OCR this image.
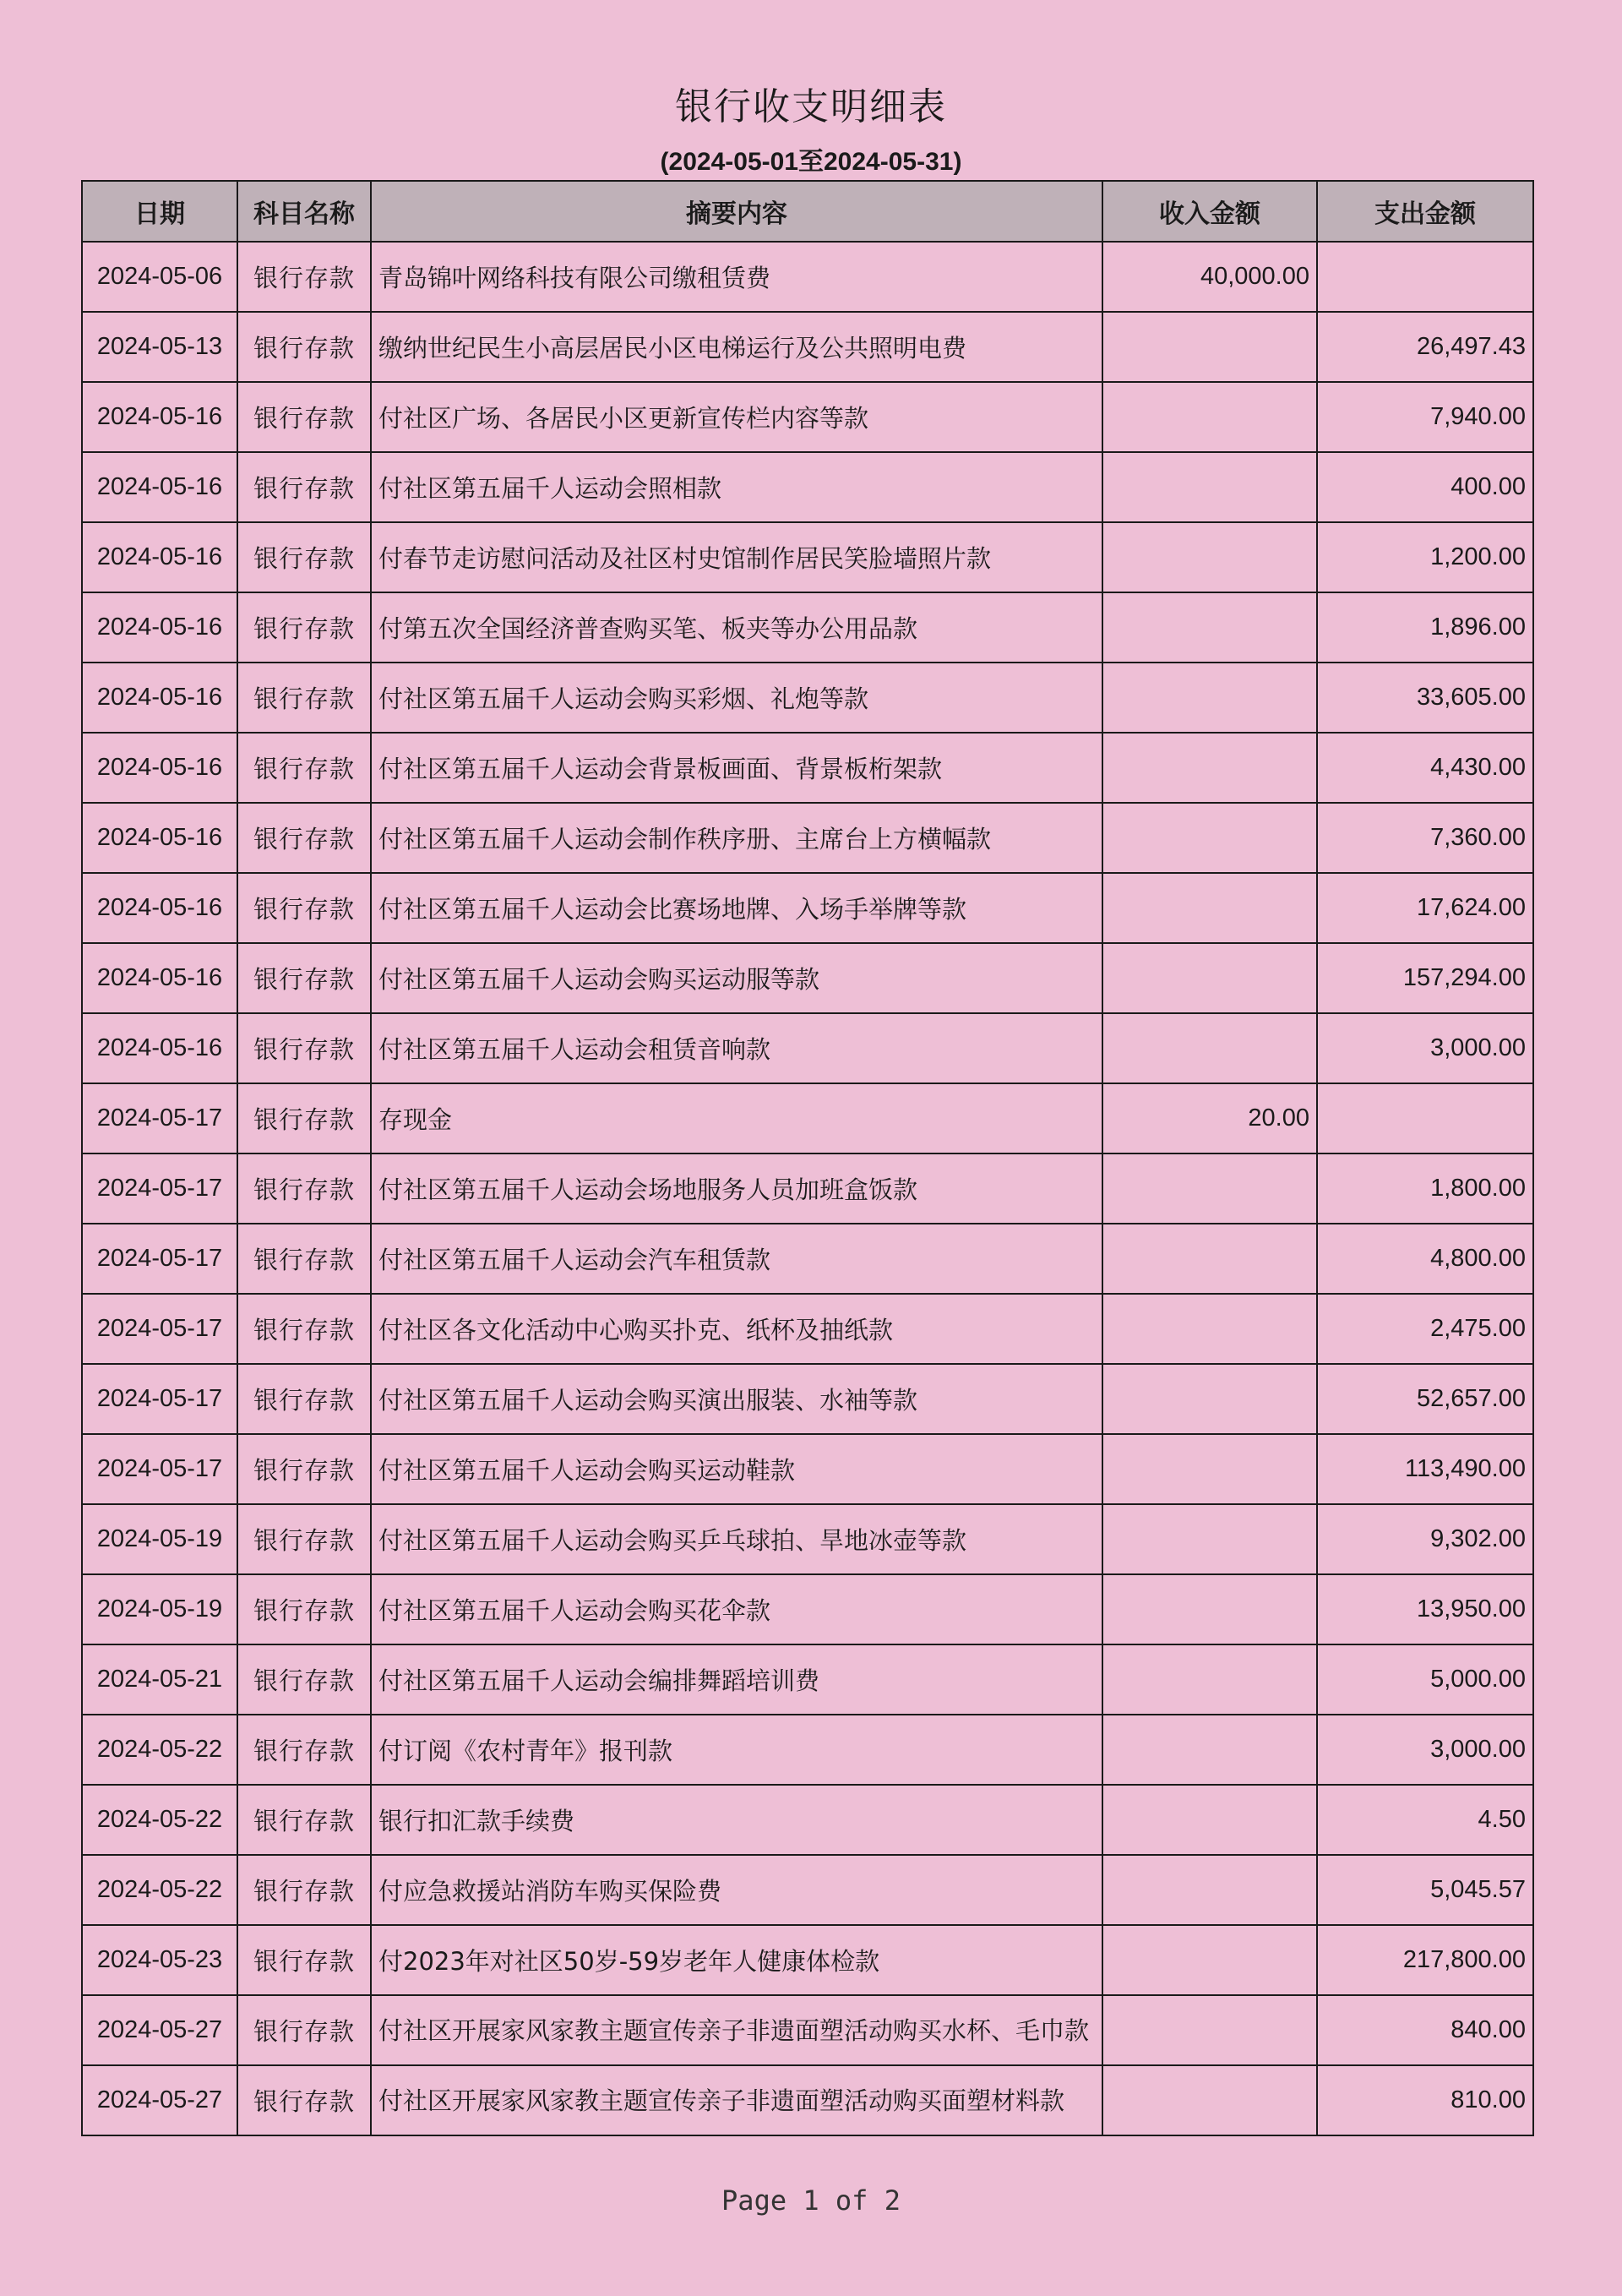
银行收支明细表
(2024-05-01至2024-05-31)
日期	科目名称	摘要内容	收入金额	支出金额
2024-05-06	银行存款	青岛锦叶网络科技有限公司缴租赁费	40,000.00	
2024-05-13	银行存款	缴纳世纪民生小高层居民小区电梯运行及公共照明电费		26,497.43
2024-05-16	银行存款	付社区广场、各居民小区更新宣传栏内容等款		7,940.00
2024-05-16	银行存款	付社区第五届千人运动会照相款		400.00
2024-05-16	银行存款	付春节走访慰问活动及社区村史馆制作居民笑脸墙照片款		1,200.00
2024-05-16	银行存款	付第五次全国经济普查购买笔、板夹等办公用品款		1,896.00
2024-05-16	银行存款	付社区第五届千人运动会购买彩烟、礼炮等款		33,605.00
2024-05-16	银行存款	付社区第五届千人运动会背景板画面、背景板桁架款		4,430.00
2024-05-16	银行存款	付社区第五届千人运动会制作秩序册、主席台上方横幅款		7,360.00
2024-05-16	银行存款	付社区第五届千人运动会比赛场地牌、入场手举牌等款		17,624.00
2024-05-16	银行存款	付社区第五届千人运动会购买运动服等款		157,294.00
2024-05-16	银行存款	付社区第五届千人运动会租赁音响款		3,000.00
2024-05-17	银行存款	存现金	20.00	
2024-05-17	银行存款	付社区第五届千人运动会场地服务人员加班盒饭款		1,800.00
2024-05-17	银行存款	付社区第五届千人运动会汽车租赁款		4,800.00
2024-05-17	银行存款	付社区各文化活动中心购买扑克、纸杯及抽纸款		2,475.00
2024-05-17	银行存款	付社区第五届千人运动会购买演出服装、水袖等款		52,657.00
2024-05-17	银行存款	付社区第五届千人运动会购买运动鞋款		113,490.00
2024-05-19	银行存款	付社区第五届千人运动会购买乒乓球拍、旱地冰壶等款		9,302.00
2024-05-19	银行存款	付社区第五届千人运动会购买花伞款		13,950.00
2024-05-21	银行存款	付社区第五届千人运动会编排舞蹈培训费		5,000.00
2024-05-22	银行存款	付订阅《农村青年》报刊款		3,000.00
2024-05-22	银行存款	银行扣汇款手续费		4.50
2024-05-22	银行存款	付应急救援站消防车购买保险费		5,045.57
2024-05-23	银行存款	付2023年对社区50岁-59岁老年人健康体检款		217,800.00
2024-05-27	银行存款	付社区开展家风家教主题宣传亲子非遗面塑活动购买水杯、毛巾款		840.00
2024-05-27	银行存款	付社区开展家风家教主题宣传亲子非遗面塑活动购买面塑材料款		810.00
Page 1 of 2
